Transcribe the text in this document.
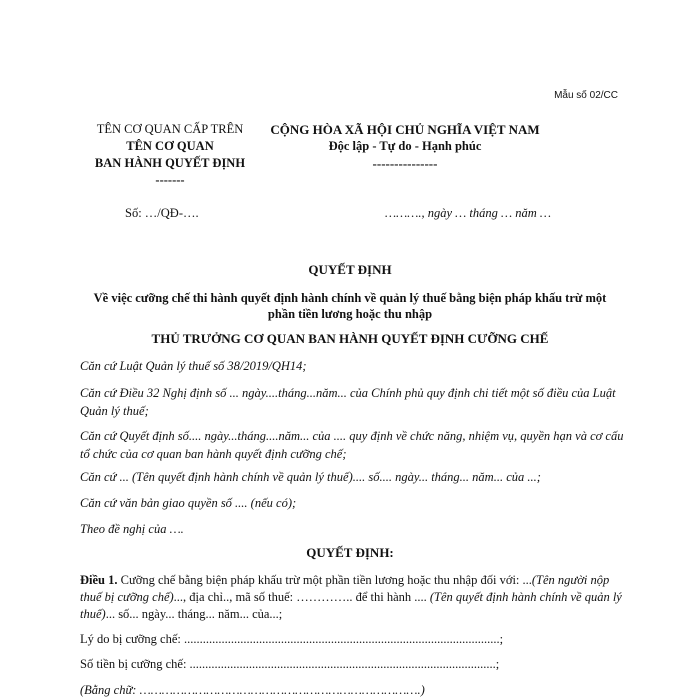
Mẫu số 02/CC
TÊN CƠ QUAN CẤP TRÊN
TÊN CƠ QUAN
BAN HÀNH QUYẾT ĐỊNH
-------
CỘNG HÒA XÃ HỘI CHỦ NGHĨA VIỆT NAM
Độc lập - Tự do - Hạnh phúc
---------------
Số: …/QĐ-….	………., ngày … tháng … năm …
QUYẾT ĐỊNH
Về việc cưỡng chế thi hành quyết định hành chính về quản lý thuế bằng biện pháp khấu trừ một phần tiền lương hoặc thu nhập
THỦ TRƯỞNG CƠ QUAN BAN HÀNH QUYẾT ĐỊNH CƯỠNG CHẾ
Căn cứ Luật Quản lý thuế số 38/2019/QH14;
Căn cứ Điều 32 Nghị định số ... ngày....tháng...năm... của Chính phủ quy định chi tiết một số điều của Luật Quản lý thuế;
Căn cứ Quyết định số.... ngày...tháng....năm... của .... quy định về chức năng, nhiệm vụ, quyền hạn và cơ cấu tổ chức của cơ quan ban hành quyết định cưỡng chế;
Căn cứ ... (Tên quyết định hành chính về quản lý thuế).... số.... ngày... tháng... năm... của ...;
Căn cứ văn bản giao quyền số .... (nếu có);
Theo đề nghị của ….
QUYẾT ĐỊNH:
Điều 1. Cưỡng chế bằng biện pháp khấu trừ một phần tiền lương hoặc thu nhập đối với: ...(Tên người nộp thuế bị cưỡng chế)..., địa chỉ.., mã số thuế: ………….. để thi hành .... (Tên quyết định hành chính về quản lý thuế)... số... ngày... tháng... năm... của...;
Lý do bị cưỡng chế: .....................................................................................................;
Số tiền bị cưỡng chế: ..................................................................................................;
(Bằng chữ: ………………………………………………………………….)
